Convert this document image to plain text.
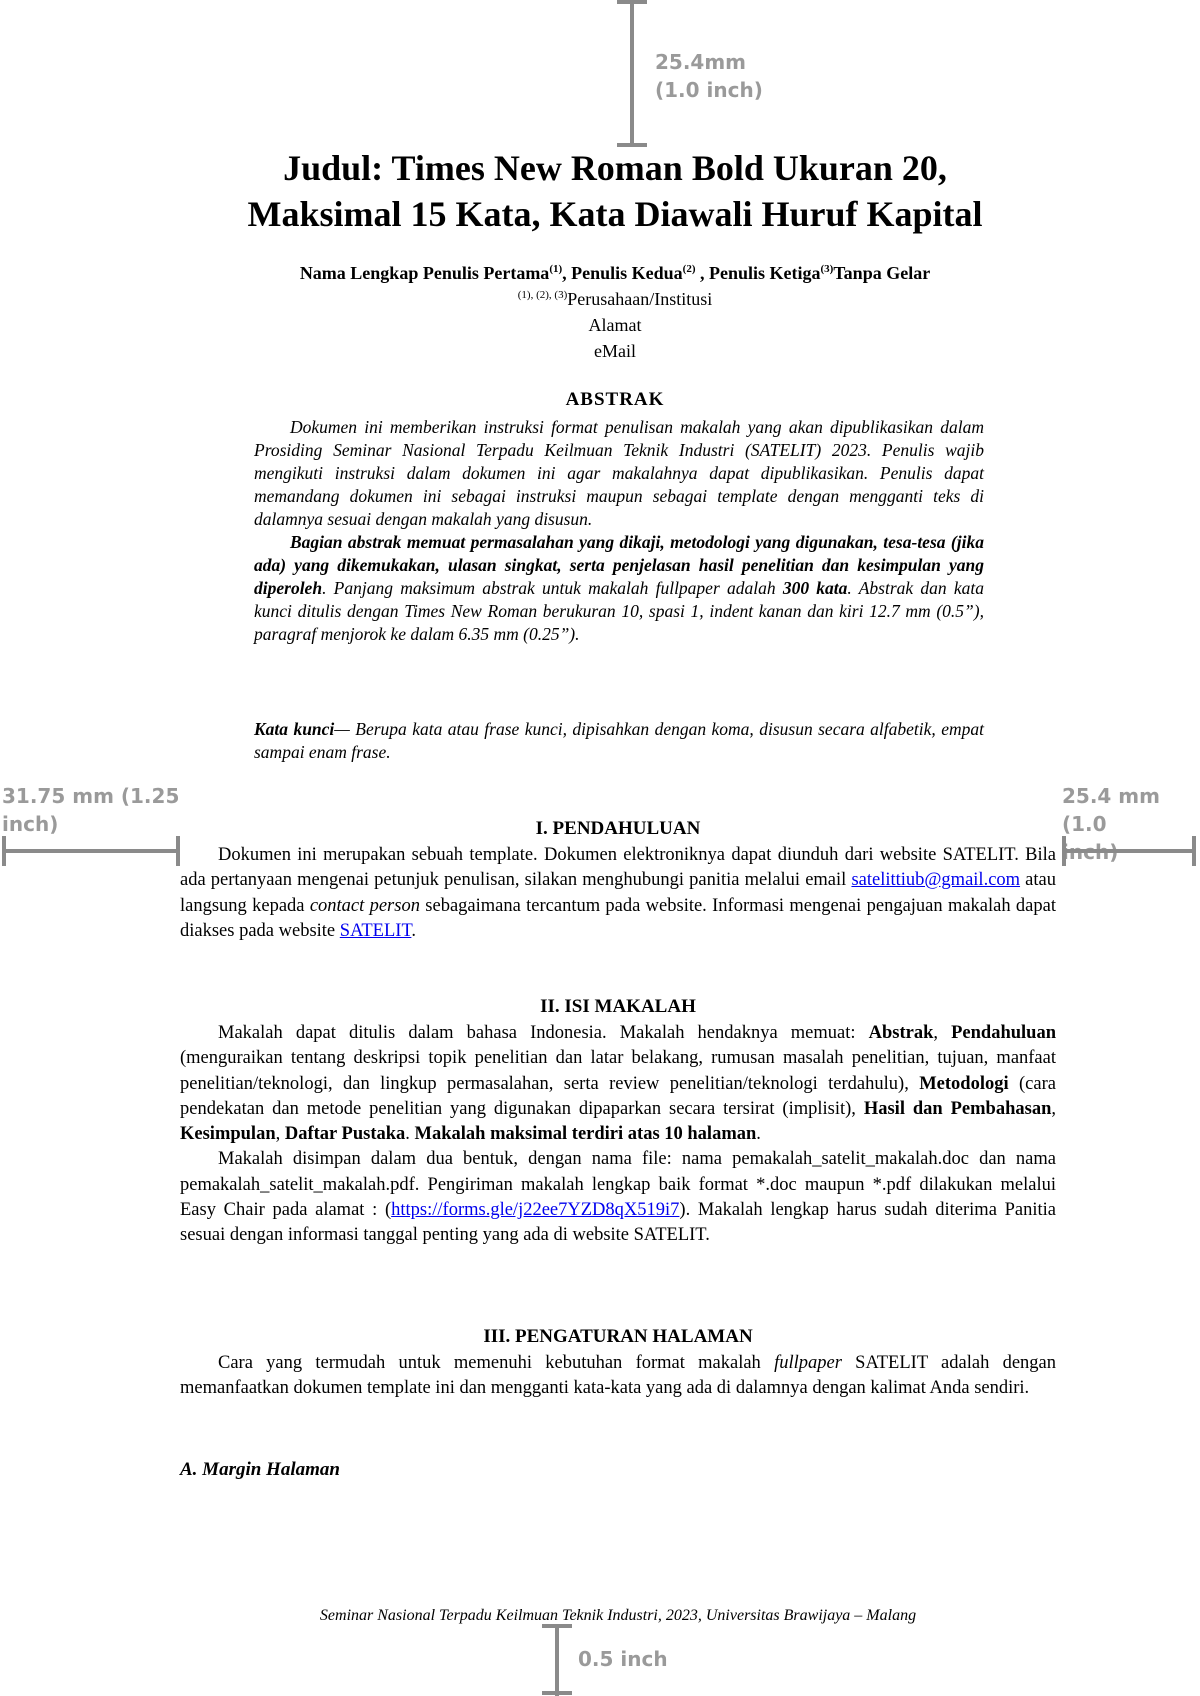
25.4mm
(1.0 inch)
31.75 mm (1.25
inch)
25.4 mm (1.0
Judul: Times New Roman Bold Ukuran 20,
Maksimal 15 Kata, Kata Diawali Huruf Kapital
Nama Lengkap Penulis Pertama$^{(1)}$, Penulis Kedua$^{(2)}$ , Penulis Ketiga$^{(3)}$Tanpa Gelar
$^{(1), (2), (3)}$Perusahaan/Institusi
Alamat
eMail
ABSTRAK

Dokumen ini memberikan instruksi format penulisan makalah yang akan dipublikasikan dalam Prosiding Seminar Nasional Terpadu Keilmuan Teknik Industri (SATELIT) 2023. Penulis wajib mengikuti instruksi dalam dokumen ini agar makalahnya dapat dipublikasikan. Penulis dapat memandang dokumen ini sebagai instruksi maupun sebagai template dengan mengganti teks di dalamnya sesuai dengan makalah yang disusun.

Bagian abstrak memuat permasalahan yang dikaji, metodologi yang digunakan, tesa-tesa (jika ada) yang dikemukakan, ulasan singkat, serta penjelasan hasil penelitian dan kesimpulan yang diperoleh. Panjang maksimum abstrak untuk makalah fullpaper adalah 300 kata. Abstrak dan kata kunci ditulis dengan Times New Roman berukuran 10, spasi 1, indent kanan dan kiri 12.7 mm (0.5”), paragraf menjorok ke dalam 6.35 mm (0.25”).

Kata kunci— Berupa kata atau frase kunci, dipisahkan dengan koma, disusun secara alfabetik, empat sampai enam frase.
I. PENDAHULUAN

Dokumen ini merupakan sebuah template. Dokumen elektroniknya dapat diunduh dari website SATELIT. Bila ada pertanyaan mengenai petunjuk penulisan, silakan menghubungi panitia melalui email satelittiub@gmail.com atau langsung kepada contact person sebagaimana tercantum pada website. Informasi mengenai pengajuan makalah dapat diakses pada website SATELIT.

II. ISI MAKALAH

Makalah dapat ditulis dalam bahasa Indonesia. Makalah hendaknya memuat: Abstrak, Pendahuluan (menguraikan tentang deskripsi topik penelitian dan latar belakang, rumusan masalah penelitian, tujuan, manfaat penelitian/teknologi, dan lingkup permasalahan, serta review penelitian/teknologi terdahulu), Metodologi (cara pendekatan dan metode penelitian yang digunakan dipaparkan secara tersirat (implisit), Hasil dan Pembahasan, Kesimpulan, Daftar Pustaka. Makalah maksimal terdiri atas 10 halaman.

Makalah disimpan dalam dua bentuk, dengan nama file: nama pemakalah_satelit_makalah.doc dan nama pemakalah_satelit_makalah.pdf. Pengiriman makalah lengkap baik format *.doc maupun *.pdf dilakukan melalui Easy Chair pada alamat : (https://forms.gle/j22ee7YZD8qX519i7). Makalah lengkap harus sudah diterima Panitia sesuai dengan informasi tanggal penting yang ada di website SATELIT.

III. PENGATURAN HALAMAN

Cara yang termudah untuk memenuhi kebutuhan format makalah fullpaper SATELIT adalah dengan memanfaatkan dokumen template ini dan mengganti kata-kata yang ada di dalamnya dengan kalimat Anda sendiri.

A. Margin Halaman
Seminar Nasional Terpadu Keilmuan Teknik Industri, 2023, Universitas Brawijaya – Malang
0.5 inch
